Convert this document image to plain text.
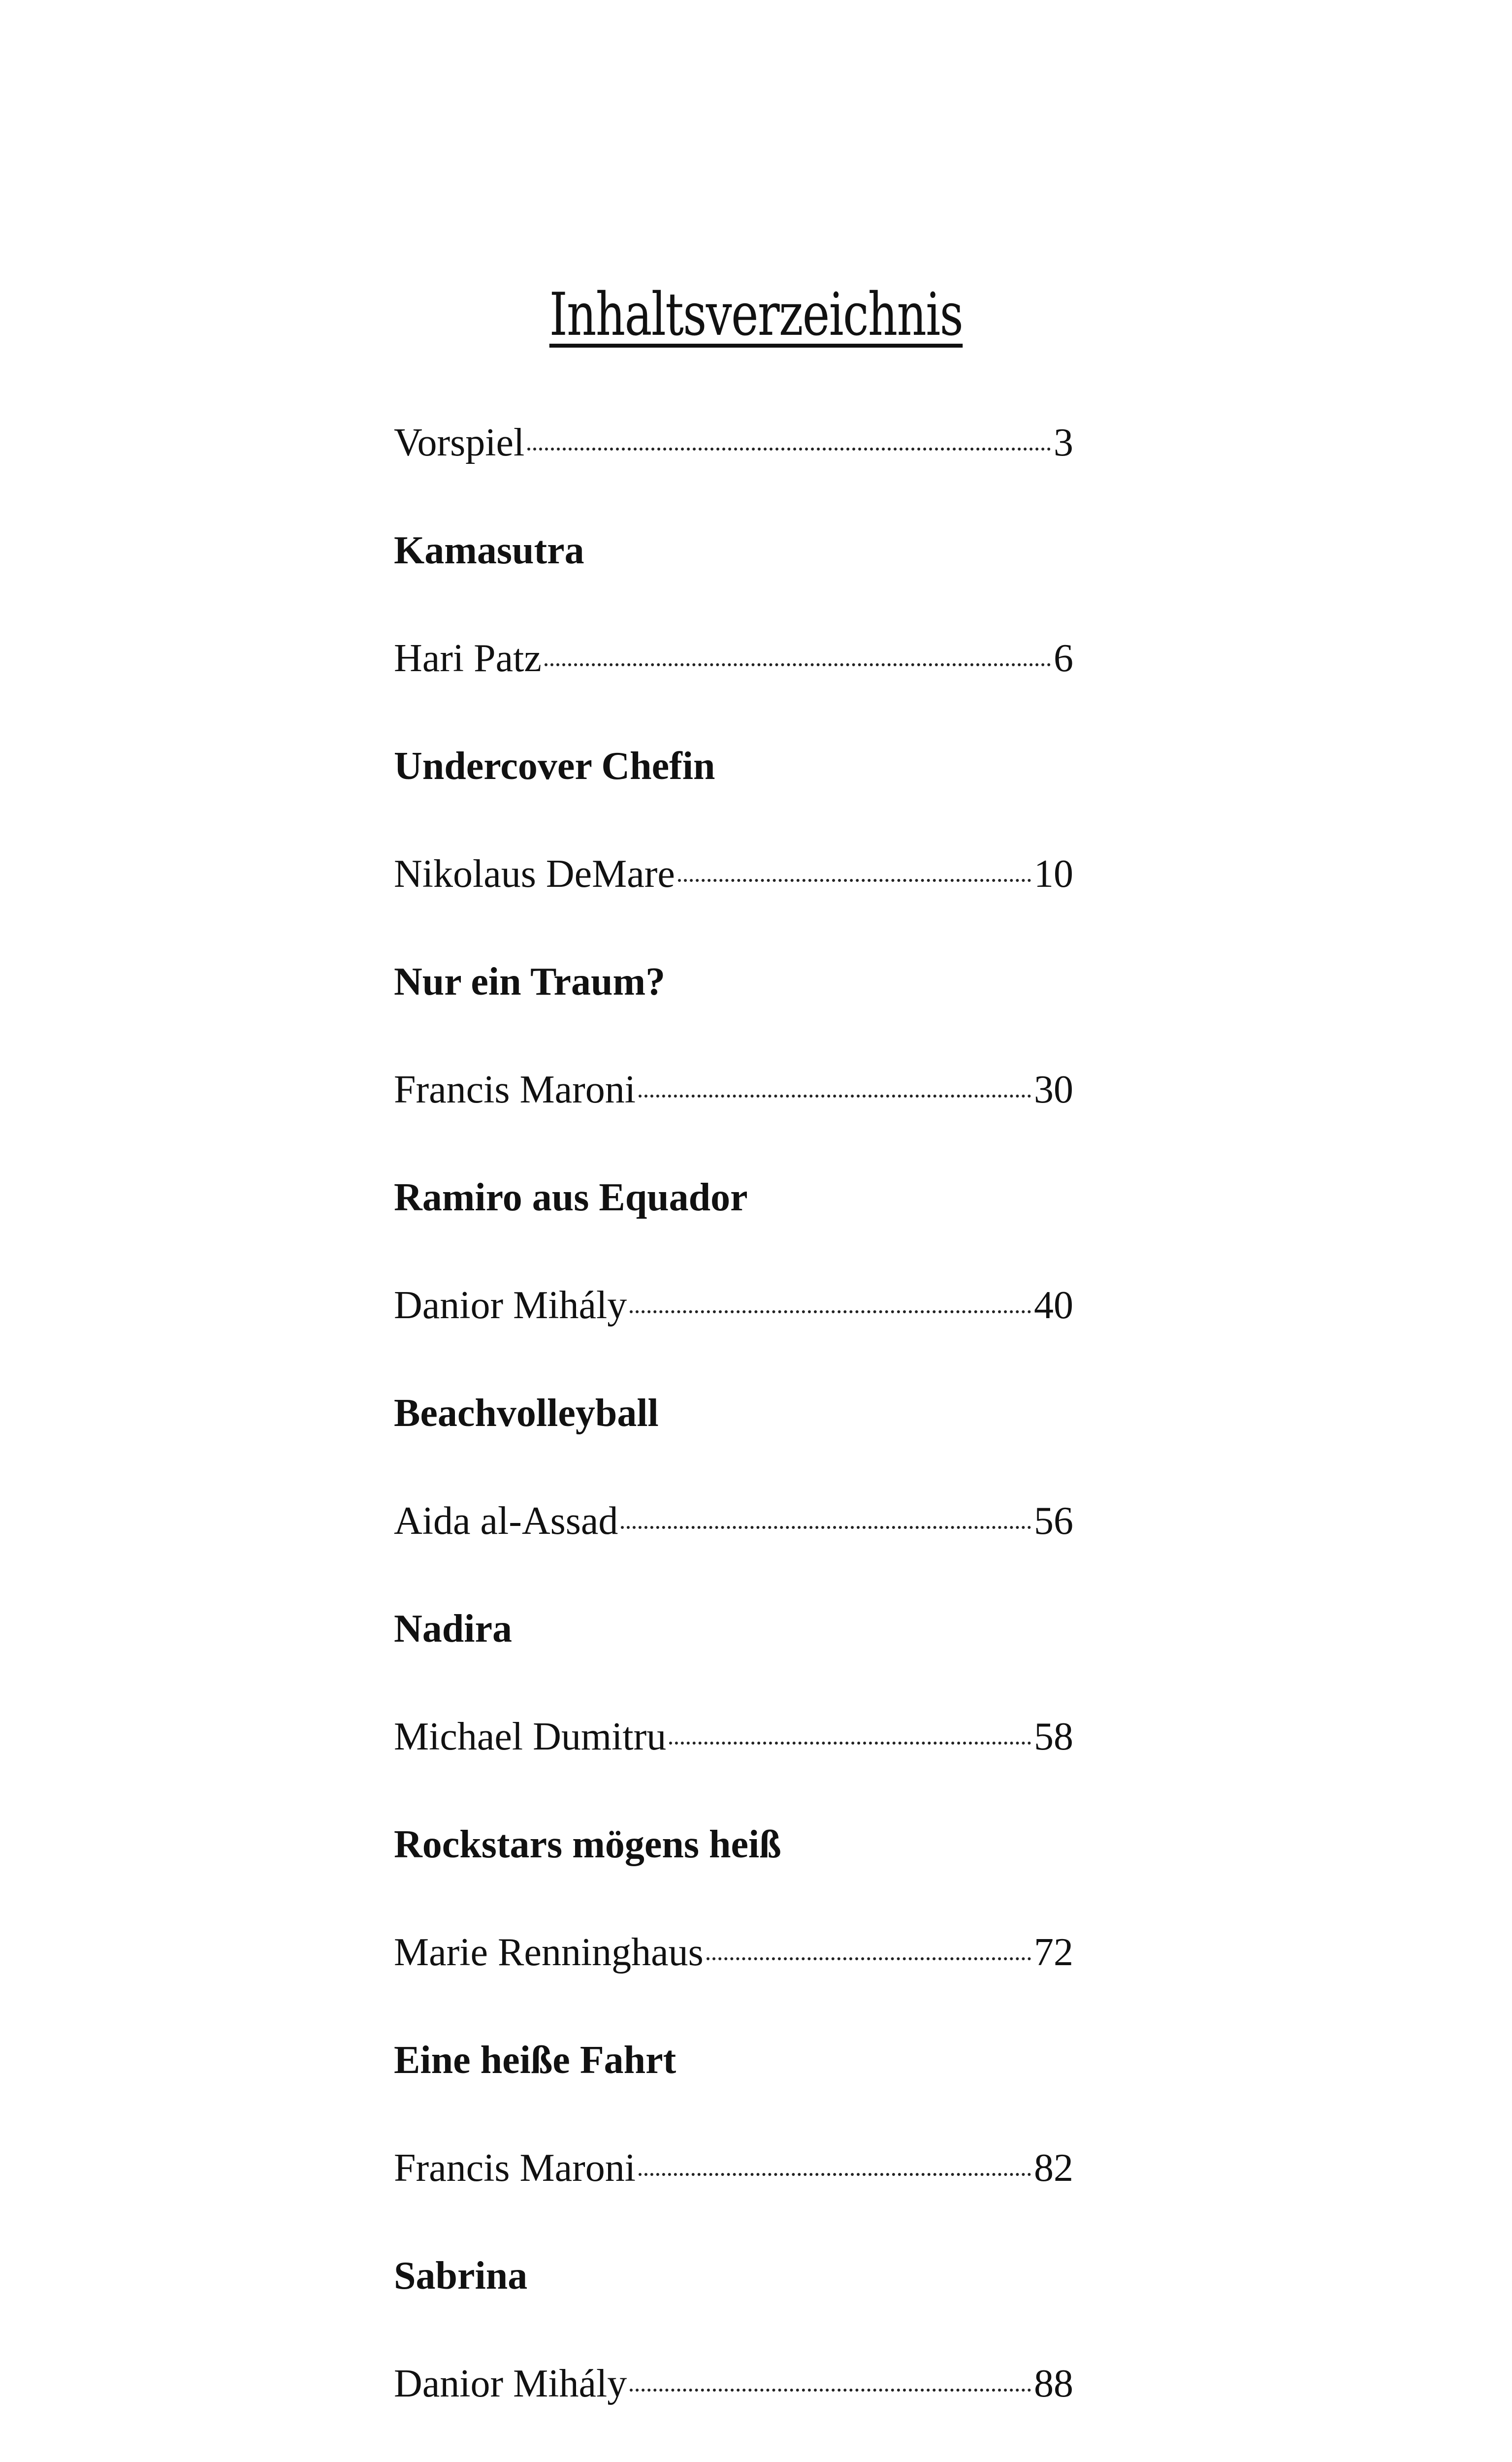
Inhaltsverzeichnis
Vorspiel	3
Kamasutra
Hari Patz	6
Undercover Chefin
Nikolaus DeMare	10
Nur ein Traum?
Francis Maroni	30
Ramiro aus Equador
Danior Mihály	40
Beachvolleyball
Aida al-Assad	56
Nadira
Michael Dumitru	58
Rockstars mögens heiß
Marie Renninghaus	72
Eine heiße Fahrt
Francis Maroni	82
Sabrina
Danior Mihály	88
